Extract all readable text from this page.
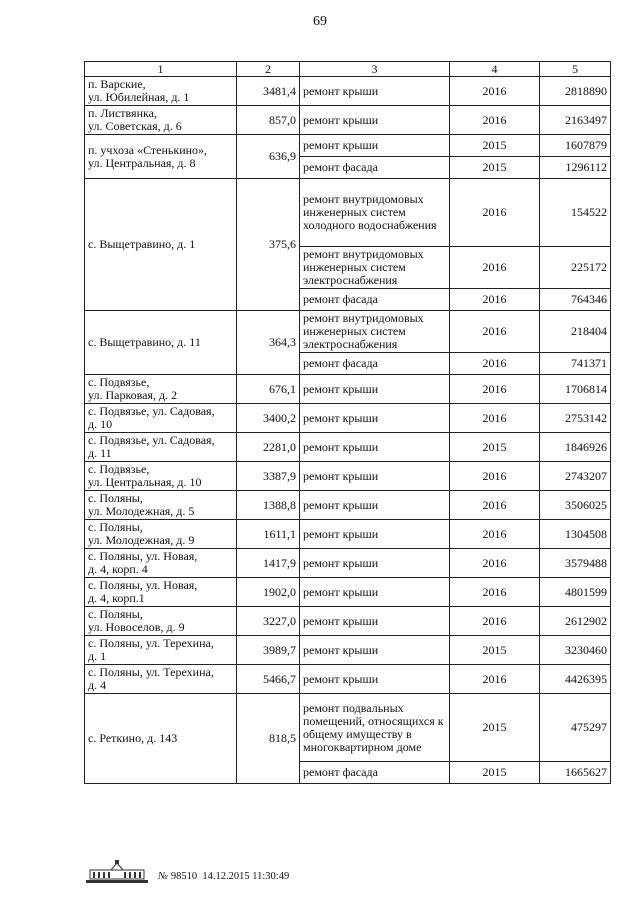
69
1	2	3	4	5
п. Варские,
ул. Юбилейная, д. 1	3481,4	ремонт крыши	2016	2818890
п. Листвянка,
ул. Советская, д. 6	857,0	ремонт крыши	2016	2163497
п. учхоза «Стенькино»,
ул. Центральная, д. 8	636,9	ремонт крыши	2015	1607879
		ремонт фасада	2015	1296112
с. Выщетравино, д. 1	375,6	ремонт внутридомовых инженерных систем холодного водоснабжения	2016	154522
		ремонт внутридомовых инженерных систем электроснабжения	2016	225172
		ремонт фасада	2016	764346
с. Выщетравино, д. 11	364,3	ремонт внутридомовых инженерных систем электроснабжения	2016	218404
		ремонт фасада	2016	741371
с. Подвязье,
ул. Парковая, д. 2	676,1	ремонт крыши	2016	1706814
с. Подвязье, ул. Садовая,
д. 10	3400,2	ремонт крыши	2016	2753142
с. Подвязье, ул. Садовая,
д. 11	2281,0	ремонт крыши	2015	1846926
с. Подвязье,
ул. Центральная, д. 10	3387,9	ремонт крыши	2016	2743207
с. Поляны,
ул. Молодежная, д. 5	1388,8	ремонт крыши	2016	3506025
с. Поляны,
ул. Молодежная, д. 9	1611,1	ремонт крыши	2016	1304508
с. Поляны, ул. Новая,
д. 4, корп. 4	1417,9	ремонт крыши	2016	3579488
с. Поляны, ул. Новая,
д. 4, корп.1	1902,0	ремонт крыши	2016	4801599
с. Поляны,
ул. Новоселов, д. 9	3227,0	ремонт крыши	2016	2612902
с. Поляны, ул. Терехина,
д. 1	3989,7	ремонт крыши	2015	3230460
с. Поляны, ул. Терехина,
д. 4	5466,7	ремонт крыши	2016	4426395
с. Реткино, д. 143	818,5	ремонт подвальных помещений, относящихся к общему имуществу в многоквартирном доме	2015	475297
		ремонт фасада	2015	1665627
№ 98510 14.12.2015 11:30:49
